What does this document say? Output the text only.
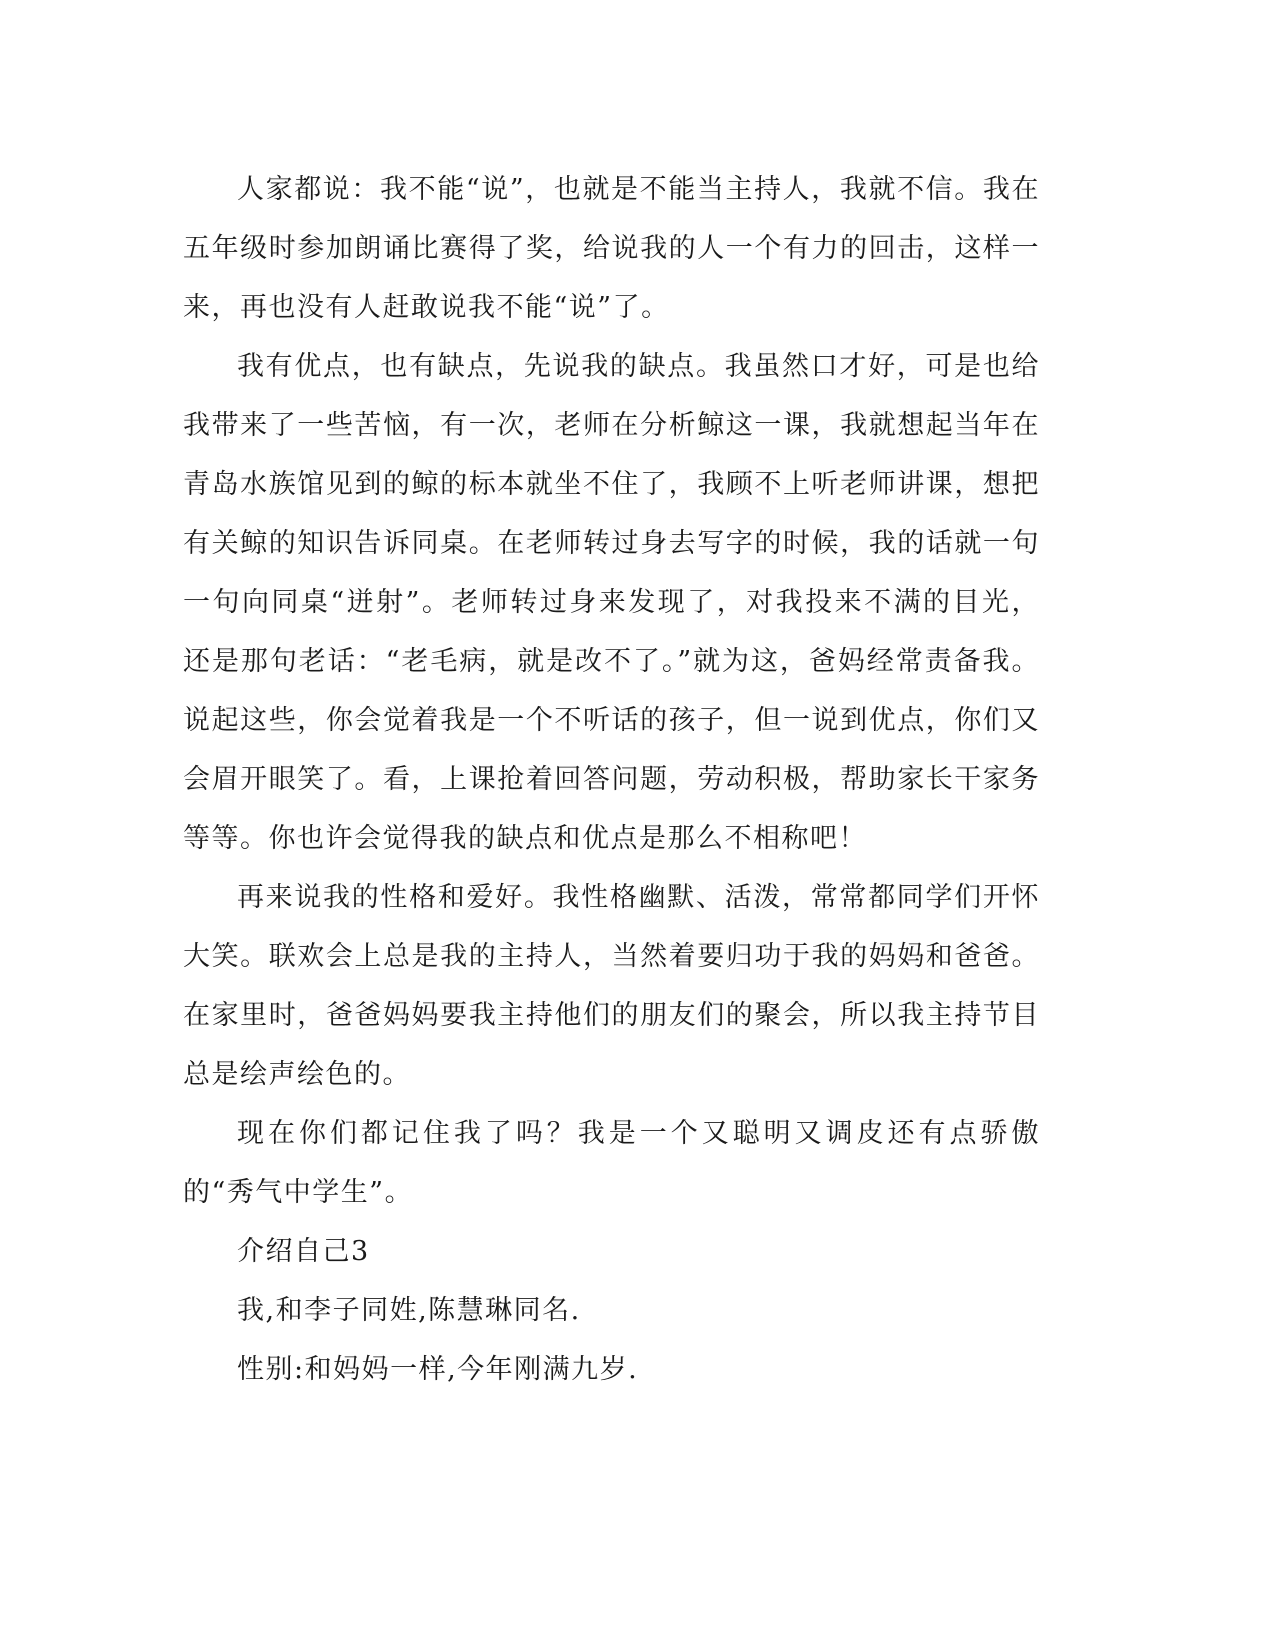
人家都说：我不能“说”，也就是不能当主持人，我就不信。我在五年级时参加朗诵比赛得了奖，给说我的人一个有力的回击，这样一来，再也没有人赶敢说我不能“说”了。

我有优点，也有缺点，先说我的缺点。我虽然口才好，可是也给我带来了一些苦恼，有一次，老师在分析鲸这一课，我就想起当年在青岛水族馆见到的鲸的标本就坐不住了，我顾不上听老师讲课，想把有关鲸的知识告诉同桌。在老师转过身去写字的时候，我的话就一句一句向同桌“迸射”。老师转过身来发现了，对我投来不满的目光，还是那句老话：“老毛病，就是改不了。”就为这，爸妈经常责备我。说起这些，你会觉着我是一个不听话的孩子，但一说到优点，你们又会眉开眼笑了。看，上课抢着回答问题，劳动积极，帮助家长干家务等等。你也许会觉得我的缺点和优点是那么不相称吧！

再来说我的性格和爱好。我性格幽默、活泼，常常都同学们开怀大笑。联欢会上总是我的主持人，当然着要归功于我的妈妈和爸爸。在家里时，爸爸妈妈要我主持他们的朋友们的聚会，所以我主持节目总是绘声绘色的。

现在你们都记住我了吗？我是一个又聪明又调皮还有点骄傲的“秀气中学生”。

介绍自己3

我,和李子同姓,陈慧琳同名.

性别:和妈妈一样,今年刚满九岁.
